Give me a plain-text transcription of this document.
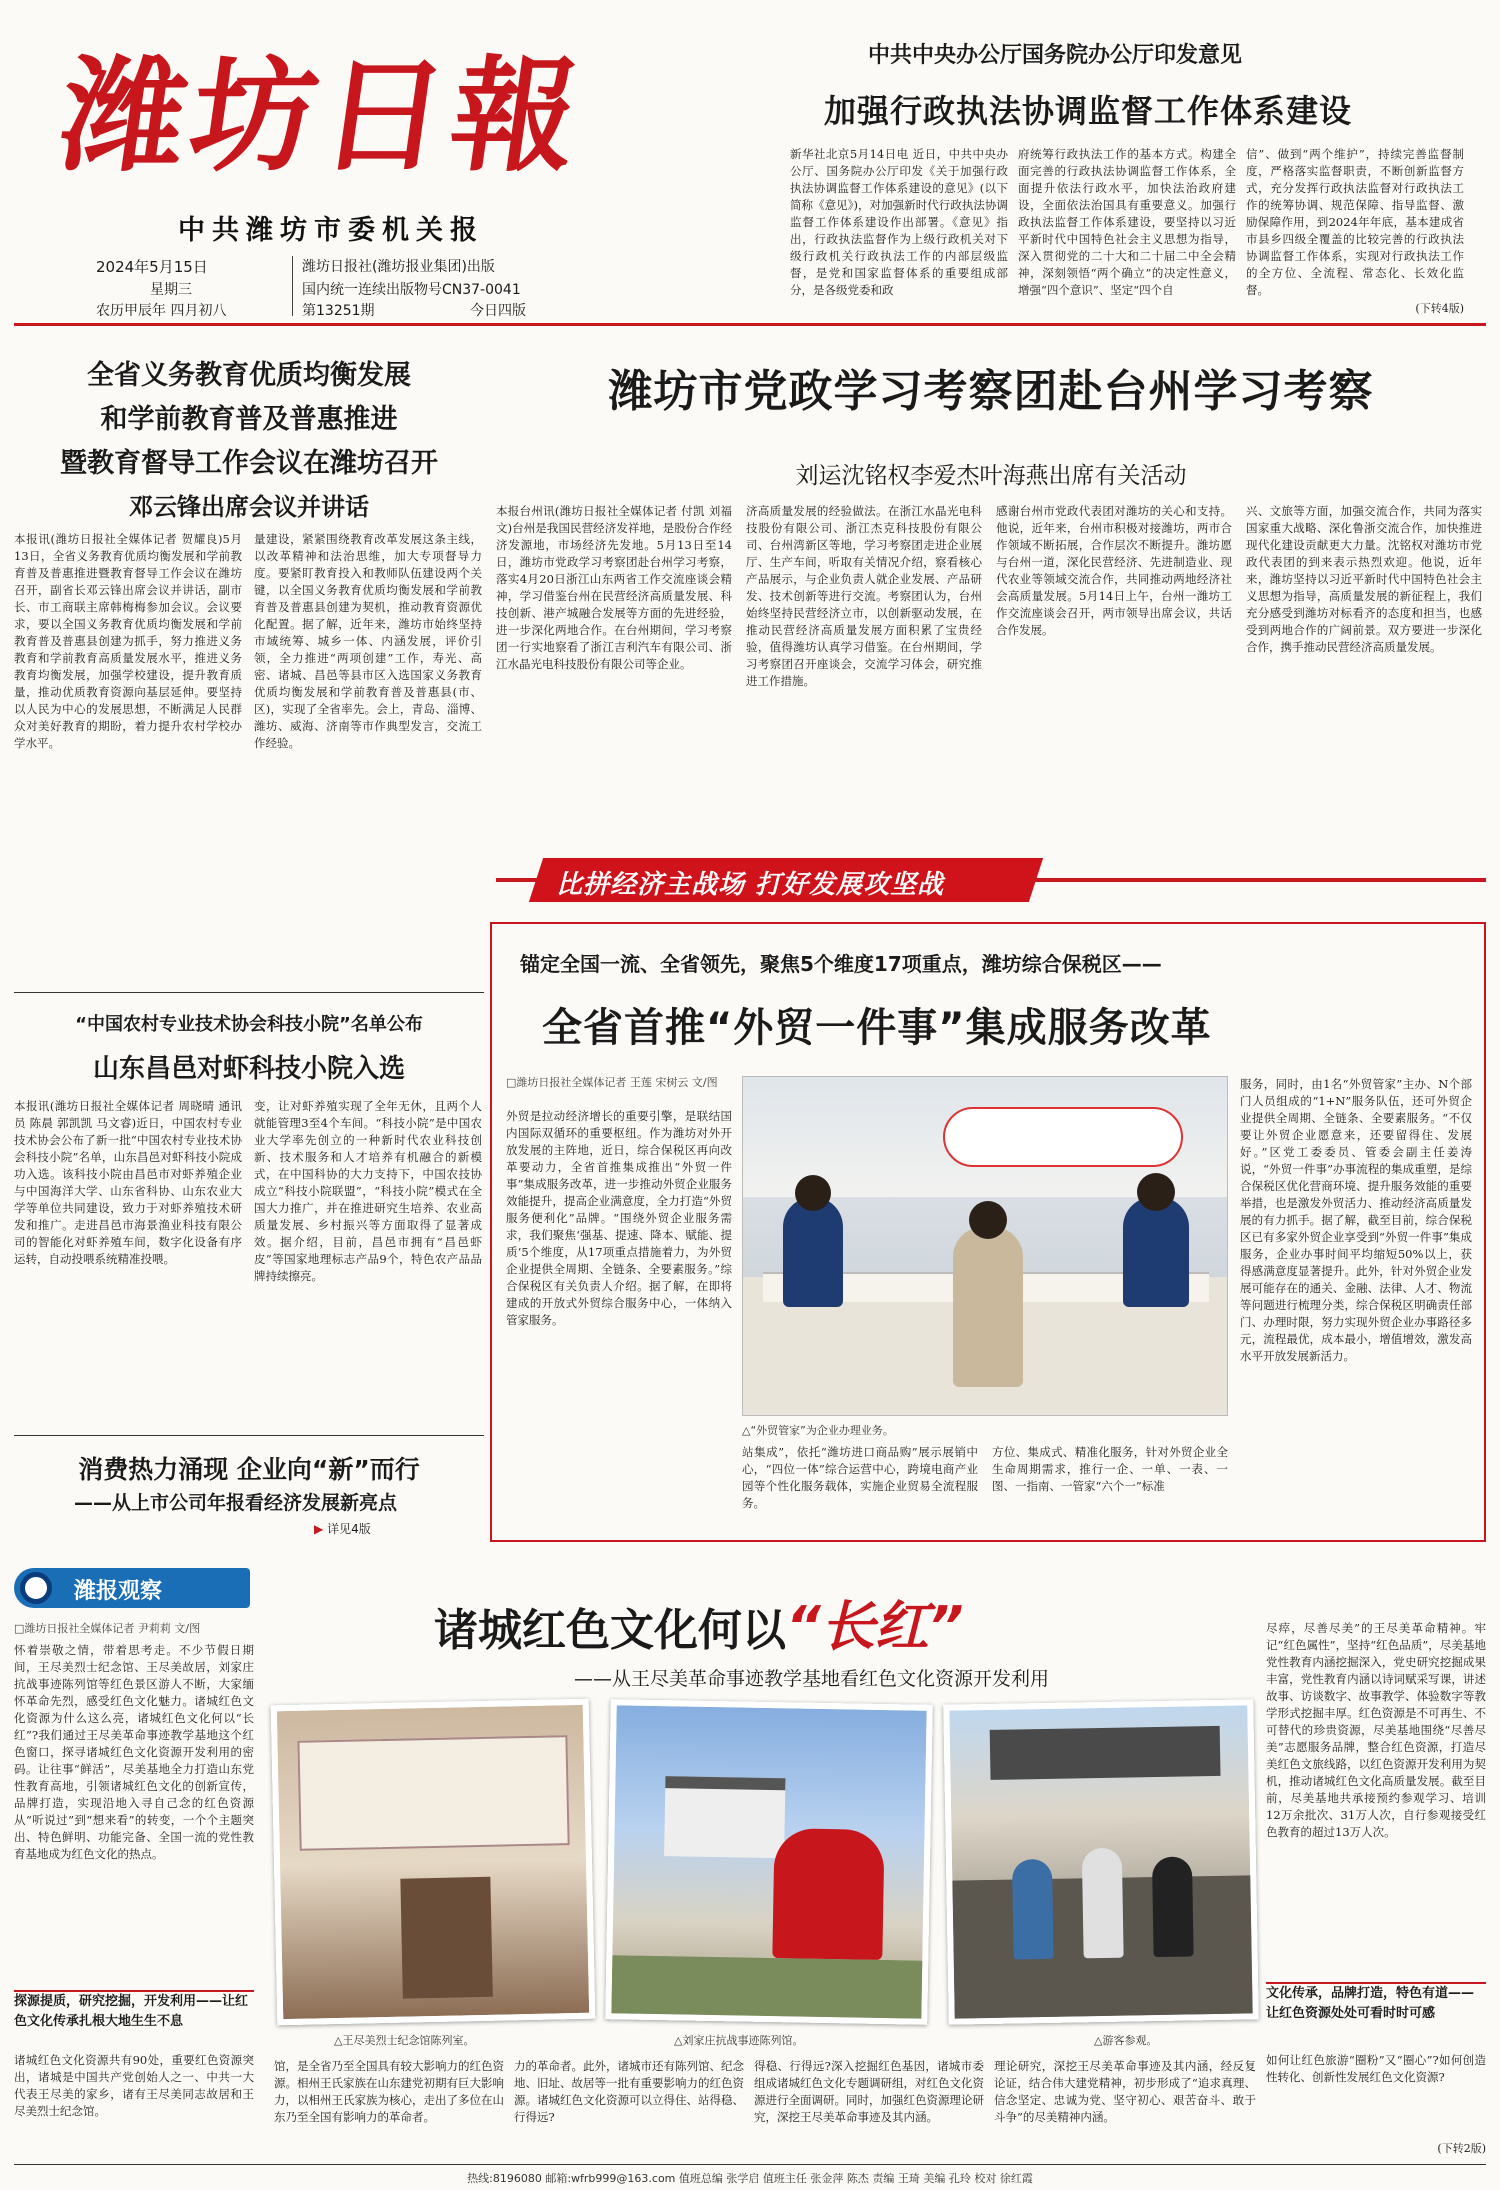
潍坊日報
中共潍坊市委机关报
2024年5月15日
星期三
农历甲辰年 四月初八
潍坊日报社(潍坊报业集团)出版
国内统一连续出版物号CN37-0041
第13251期	今日四版
中共中央办公厅国务院办公厅印发意见
加强行政执法协调监督工作体系建设
新华社北京5月14日电 近日，中共中央办公厅、国务院办公厅印发《关于加强行政执法协调监督工作体系建设的意见》(以下简称《意见》)，对加强新时代行政执法协调监督工作体系建设作出部署。《意见》指出，行政执法监督作为上级行政机关对下级行政机关行政执法工作的内部层级监督，是党和国家监督体系的重要组成部分，是各级党委和政
府统筹行政执法工作的基本方式。构建全面完善的行政执法协调监督工作体系，全面提升依法行政水平，加快法治政府建设，全面依法治国具有重要意义。加强行政执法监督工作体系建设，要坚持以习近平新时代中国特色社会主义思想为指导，深入贯彻党的二十大和二十届二中全会精神，深刻领悟“两个确立”的决定性意义，增强“四个意识”、坚定“四个自
信”、做到“两个维护”，持续完善监督制度，严格落实监督职责，不断创新监督方式，充分发挥行政执法监督对行政执法工作的统筹协调、规范保障、指导监督、激励保障作用，到2024年年底，基本建成省市县乡四级全覆盖的比较完善的行政执法协调监督工作体系，实现对行政执法工作的全方位、全流程、常态化、长效化监督。
(下转4版)
全省义务教育优质均衡发展
和学前教育普及普惠推进
暨教育督导工作会议在潍坊召开
邓云锋出席会议并讲话
本报讯(潍坊日报社全媒体记者 贺耀良)5月13日，全省义务教育优质均衡发展和学前教育普及普惠推进暨教育督导工作会议在潍坊召开，副省长邓云锋出席会议并讲话，副市长、市工商联主席韩梅梅参加会议。会议要求，要以全国义务教育优质均衡发展和学前教育普及普惠县创建为抓手，努力推进义务教育和学前教育高质量发展水平，推进义务教育均衡发展，加强学校建设，提升教育质量，推动优质教育资源向基层延伸。要坚持以人民为中心的发展思想，不断满足人民群众对美好教育的期盼，着力提升农村学校办学水平。
量建设，紧紧围绕教育改革发展这条主线，以改革精神和法治思维，加大专项督导力度。要紧盯教育投入和教师队伍建设两个关键，以全国义务教育优质均衡发展和学前教育普及普惠县创建为契机，推动教育资源优化配置。据了解，近年来，潍坊市始终坚持市域统筹、城乡一体、内涵发展，评价引领，全力推进“两项创建”工作，寿光、高密、诸城、昌邑等县市区入选国家义务教育优质均衡发展和学前教育普及普惠县(市、区)，实现了全省率先。会上，青岛、淄博、潍坊、威海、济南等市作典型发言，交流工作经验。
“中国农村专业技术协会科技小院”名单公布
山东昌邑对虾科技小院入选
本报讯(潍坊日报社全媒体记者 周晓晴 通讯员 陈晨 郭凯凯 马文睿)近日，中国农村专业技术协会公布了新一批“中国农村专业技术协会科技小院”名单，山东昌邑对虾科技小院成功入选。该科技小院由昌邑市对虾养殖企业与中国海洋大学、山东省科协、山东农业大学等单位共同建设，致力于对虾养殖技术研发和推广。走进昌邑市海景渔业科技有限公司的智能化对虾养殖车间，数字化设备有序运转，自动投喂系统精准投喂。
变，让对虾养殖实现了全年无休，且两个人就能管理3至4个车间。“科技小院”是中国农业大学率先创立的一种新时代农业科技创新、技术服务和人才培养有机融合的新模式，在中国科协的大力支持下，中国农技协成立“科技小院联盟”，“科技小院”模式在全国大力推广，并在推进研究生培养、农业高质量发展、乡村振兴等方面取得了显著成效。据介绍，目前，昌邑市拥有“昌邑虾皮”等国家地理标志产品9个，特色农产品品牌持续擦亮。
消费热力涌现 企业向“新”而行
——从上市公司年报看经济发展新亮点
▶ 详见4版
潍坊市党政学习考察团赴台州学习考察
刘运沈铭权李爱杰叶海燕出席有关活动
本报台州讯(潍坊日报社全媒体记者 付凯 刘福文)台州是我国民营经济发祥地，是股份合作经济发源地，市场经济先发地。5月13日至14日，潍坊市党政学习考察团赴台州学习考察，落实4月20日浙江山东两省工作交流座谈会精神，学习借鉴台州在民营经济高质量发展、科技创新、港产城融合发展等方面的先进经验，进一步深化两地合作。在台州期间，学习考察团一行实地察看了浙江吉利汽车有限公司、浙江水晶光电科技股份有限公司等企业。
济高质量发展的经验做法。在浙江水晶光电科技股份有限公司、浙江杰克科技股份有限公司、台州湾新区等地，学习考察团走进企业展厅、生产车间，听取有关情况介绍，察看核心产品展示，与企业负责人就企业发展、产品研发、技术创新等进行交流。考察团认为，台州始终坚持民营经济立市，以创新驱动发展，在推动民营经济高质量发展方面积累了宝贵经验，值得潍坊认真学习借鉴。在台州期间，学习考察团召开座谈会，交流学习体会，研究推进工作措施。
感谢台州市党政代表团对潍坊的关心和支持。他说，近年来，台州市积极对接潍坊，两市合作领域不断拓展，合作层次不断提升。潍坊愿与台州一道，深化民营经济、先进制造业、现代农业等领域交流合作，共同推动两地经济社会高质量发展。5月14日上午，台州一潍坊工作交流座谈会召开，两市领导出席会议，共话合作发展。
兴、文旅等方面，加强交流合作，共同为落实国家重大战略、深化鲁浙交流合作，加快推进现代化建设贡献更大力量。沈铭权对潍坊市党政代表团的到来表示热烈欢迎。他说，近年来，潍坊坚持以习近平新时代中国特色社会主义思想为指导，高质量发展的新征程上，我们充分感受到潍坊对标看齐的态度和担当，也感受到两地合作的广阔前景。双方要进一步深化合作，携手推动民营经济高质量发展。
比拼经济主战场 打好发展攻坚战
锚定全国一流、全省领先，聚焦5个维度17项重点，潍坊综合保税区——
全省首推“外贸一件事”集成服务改革
□潍坊日报社全媒体记者 王莲 宋树云 文/图
外贸是拉动经济增长的重要引擎，是联结国内国际双循环的重要枢纽。作为潍坊对外开放发展的主阵地，近日，综合保税区再向改革要动力，全省首推集成推出“外贸一件事”集成服务改革，进一步推动外贸企业服务效能提升，提高企业满意度，全力打造“外贸服务便利化”品牌。“围绕外贸企业服务需求，我们聚焦‘强基、提速、降本、赋能、提质’5个维度，从17项重点措施着力，为外贸企业提供全周期、全链条、全要素服务。”综合保税区有关负责人介绍。据了解，在即将建成的开放式外贸综合服务中心，一体纳入管家服务。
△“外贸管家”为企业办理业务。
站集成”，依托“潍坊进口商品购”展示展销中心，“四位一体”综合运营中心，跨境电商产业园等个性化服务载体，实施企业贸易全流程服务。
方位、集成式、精准化服务，针对外贸企业全生命周期需求，推行一企、一单、一表、一图、一指南、一管家“六个一”标准
服务，同时，由1名“外贸管家”主办、N个部门人员组成的“1+N”服务队伍，还可外贸企业提供全周期、全链条、全要素服务。“不仅要让外贸企业愿意来，还要留得住、发展好。”区党工委委员、管委会副主任姜涛说，“外贸一件事”办事流程的集成重塑，是综合保税区优化营商环境、提升服务效能的重要举措，也是激发外贸活力、推动经济高质量发展的有力抓手。据了解，截至目前，综合保税区已有多家外贸企业享受到“外贸一件事”集成服务，企业办事时间平均缩短50%以上，获得感满意度显著提升。此外，针对外贸企业发展可能存在的通关、金融、法律、人才、物流等问题进行梳理分类，综合保税区明确责任部门、办理时限，努力实现外贸企业办事路径多元，流程最优，成本最小，增值增效，激发高水平开放发展新活力。
潍报观察
诸城红色文化何以“长红”
——从王尽美革命事迹教学基地看红色文化资源开发利用
□潍坊日报社全媒体记者 尹莉莉 文/图
怀着崇敬之情，带着思考走。不少节假日期间，王尽美烈士纪念馆、王尽美故居，刘家庄抗战事迹陈列馆等红色景区游人不断，大家缅怀革命先烈，感受红色文化魅力。诸城红色文化资源为什么这么亮，诸城红色文化何以“长红”?我们通过王尽美革命事迹教学基地这个红色窗口，探寻诸城红色文化资源开发利用的密码。让往事“鲜活”，尽美基地全力打造山东党性教育高地，引领诸城红色文化的创新宣传，品牌打造，实现沿地入寻自己念的红色资源从“听说过”到“想来看”的转变，一个个主题突出、特色鲜明、功能完备、全国一流的党性教育基地成为红色文化的热点。
探源提质，研究挖掘，开发利用——让红色文化传承扎根大地生生不息
诸城红色文化资源共有90处，重要红色资源突出，诸城是中国共产党创始人之一、中共一大代表王尽美的家乡，诸有王尽美同志故居和王尽美烈士纪念馆。
△王尽美烈士纪念馆陈列室。	△刘家庄抗战事迹陈列馆。	△游客参观。
尽瘁，尽善尽美”的王尽美革命精神。牢记“红色属性”，坚持“红色品质”，尽美基地党性教育内涵挖掘深入，党史研究挖掘成果丰富，党性教育内涵以诗词赋采写课，讲述故事、访谈数字、故事教学、体验数字等教学形式挖掘丰厚。红色资源是不可再生、不可替代的珍贵资源，尽美基地围绕“尽善尽美”志愿服务品牌，整合红色资源，打造尽美红色文旅线路，以红色资源开发利用为契机，推动诸城红色文化高质量发展。截至目前，尽美基地共承接预约参观学习、培训12万余批次、31万人次，自行参观接受红色教育的超过13万人次。
文化传承，品牌打造，特色有道——让红色资源处处可看时时可感
如何让红色旅游“圈粉”又“圈心”?如何创造性转化、创新性发展红色文化资源?
(下转2版)
馆，是全省乃至全国具有较大影响力的红色资源。相州王氏家族在山东建党初期有巨大影响力，以相州王氏家族为核心，走出了多位在山东乃至全国有影响力的革命者。
力的革命者。此外，诸城市还有陈列馆、纪念地、旧址、故居等一批有重要影响力的红色资源。诸城红色文化资源可以立得住、站得稳、行得远?
得稳、行得远?深入挖掘红色基因，诸城市委组成诸城红色文化专题调研组，对红色文化资源进行全面调研。同时，加强红色资源理论研究，深挖王尽美革命事迹及其内涵。
理论研究，深挖王尽美革命事迹及其内涵，经反复论证，结合伟大建党精神，初步形成了“追求真理、信念坚定、忠诚为党、坚守初心、艰苦奋斗、敢于斗争”的尽美精神内涵。
热线:8196080 邮箱:wfrb999@163.com 值班总编 张学启 值班主任 张金萍 陈杰 责编 王琦 美编 孔玲 校对 徐红霞
